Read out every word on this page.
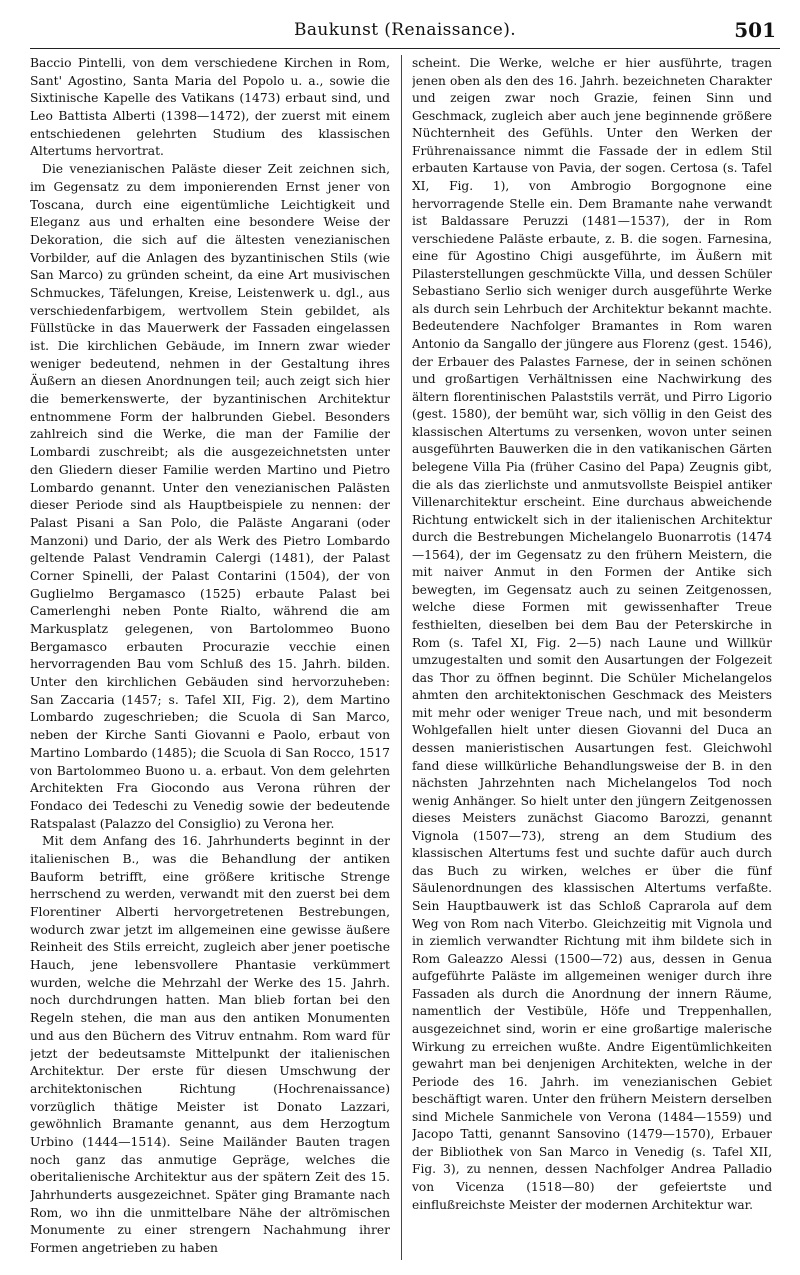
Baukunst (Renaissance).	501

Baccio Pintelli, von dem verschiedene Kirchen in Rom, Sant' Agostino, Santa Maria del Popolo u. a., sowie die Sixtinische Kapelle des Vatikans (1473) erbaut sind, und Leo Battista Alberti (1398—1472), der zuerst mit einem entschiedenen gelehrten Studium des klassischen Altertums hervortrat.

Die venezianischen Paläste dieser Zeit zeichnen sich, im Gegensatz zu dem imponierenden Ernst jener von Toscana, durch eine eigentümliche Leichtigkeit und Eleganz aus und erhalten eine besondere Weise der Dekoration, die sich auf die ältesten venezianischen Vorbilder, auf die Anlagen des byzantinischen Stils (wie San Marco) zu gründen scheint, da eine Art musivischen Schmuckes, Täfelungen, Kreise, Leistenwerk u. dgl., aus verschiedenfarbigem, wertvollem Stein gebildet, als Füllstücke in das Mauerwerk der Fassaden eingelassen ist. Die kirchlichen Gebäude, im Innern zwar wieder weniger bedeutend, nehmen in der Gestaltung ihres Äußern an diesen Anordnungen teil; auch zeigt sich hier die bemerkenswerte, der byzantinischen Architektur entnommene Form der halbrunden Giebel. Besonders zahlreich sind die Werke, die man der Familie der Lombardi zuschreibt; als die ausgezeichnetsten unter den Gliedern dieser Familie werden Martino und Pietro Lombardo genannt. Unter den venezianischen Palästen dieser Periode sind als Hauptbeispiele zu nennen: der Palast Pisani a San Polo, die Paläste Angarani (oder Manzoni) und Dario, der als Werk des Pietro Lombardo geltende Palast Vendramin Calergi (1481), der Palast Corner Spinelli, der Palast Contarini (1504), der von Guglielmo Bergamasco (1525) erbaute Palast bei Camerlenghi neben Ponte Rialto, während die am Markusplatz gelegenen, von Bartolommeo Buono Bergamasco erbauten Procurazie vecchie einen hervorragenden Bau vom Schluß des 15. Jahrh. bilden. Unter den kirchlichen Gebäuden sind hervorzuheben: San Zaccaria (1457; s. Tafel XII, Fig. 2), dem Martino Lombardo zugeschrieben; die Scuola di San Marco, neben der Kirche Santi Giovanni e Paolo, erbaut von Martino Lombardo (1485); die Scuola di San Rocco, 1517 von Bartolommeo Buono u. a. erbaut. Von dem gelehrten Architekten Fra Giocondo aus Verona rühren der Fondaco dei Tedeschi zu Venedig sowie der bedeutende Ratspalast (Palazzo del Consiglio) zu Verona her.

Mit dem Anfang des 16. Jahrhunderts beginnt in der italienischen B., was die Behandlung der antiken Bauform betrifft, eine größere kritische Strenge herrschend zu werden, verwandt mit den zuerst bei dem Florentiner Alberti hervorgetretenen Bestrebungen, wodurch zwar jetzt im allgemeinen eine gewisse äußere Reinheit des Stils erreicht, zugleich aber jener poetische Hauch, jene lebensvollere Phantasie verkümmert wurden, welche die Mehrzahl der Werke des 15. Jahrh. noch durchdrungen hatten. Man blieb fortan bei den Regeln stehen, die man aus den antiken Monumenten und aus den Büchern des Vitruv entnahm. Rom ward für jetzt der bedeutsamste Mittelpunkt der italienischen Architektur. Der erste für diesen Umschwung der architektonischen Richtung (Hochrenaissance) vorzüglich thätige Meister ist Donato Lazzari, gewöhnlich Bramante genannt, aus dem Herzogtum Urbino (1444—1514). Seine Mailänder Bauten tragen noch ganz das anmutige Gepräge, welches die oberitalienische Architektur aus der spätern Zeit des 15. Jahrhunderts ausgezeichnet. Später ging Bramante nach Rom, wo ihn die unmittelbare Nähe der altrömischen Monumente zu einer strengern Nachahmung ihrer Formen angetrieben zu haben

scheint. Die Werke, welche er hier ausführte, tragen jenen oben als den des 16. Jahrh. bezeichneten Charakter und zeigen zwar noch Grazie, feinen Sinn und Geschmack, zugleich aber auch jene beginnende größere Nüchternheit des Gefühls. Unter den Werken der Frührenaissance nimmt die Fassade der in edlem Stil erbauten Kartause von Pavia, der sogen. Certosa (s. Tafel XI, Fig. 1), von Ambrogio Borgognone eine hervorragende Stelle ein. Dem Bramante nahe verwandt ist Baldassare Peruzzi (1481—1537), der in Rom verschiedene Paläste erbaute, z. B. die sogen. Farnesina, eine für Agostino Chigi ausgeführte, im Äußern mit Pilasterstellungen geschmückte Villa, und dessen Schüler Sebastiano Serlio sich weniger durch ausgeführte Werke als durch sein Lehrbuch der Architektur bekannt machte. Bedeutendere Nachfolger Bramantes in Rom waren Antonio da Sangallo der jüngere aus Florenz (gest. 1546), der Erbauer des Palastes Farnese, der in seinen schönen und großartigen Verhältnissen eine Nachwirkung des ältern florentinischen Palaststils verrät, und Pirro Ligorio (gest. 1580), der bemüht war, sich völlig in den Geist des klassischen Altertums zu versenken, wovon unter seinen ausgeführten Bauwerken die in den vatikanischen Gärten belegene Villa Pia (früher Casino del Papa) Zeugnis gibt, die als das zierlichste und anmutsvollste Beispiel antiker Villenarchitektur erscheint. Eine durchaus abweichende Richtung entwickelt sich in der italienischen Architektur durch die Bestrebungen Michelangelo Buonarrotis (1474—1564), der im Gegensatz zu den frühern Meistern, die mit naiver Anmut in den Formen der Antike sich bewegten, im Gegensatz auch zu seinen Zeitgenossen, welche diese Formen mit gewissenhafter Treue festhielten, dieselben bei dem Bau der Peterskirche in Rom (s. Tafel XI, Fig. 2—5) nach Laune und Willkür umzugestalten und somit den Ausartungen der Folgezeit das Thor zu öffnen beginnt. Die Schüler Michelangelos ahmten den architektonischen Geschmack des Meisters mit mehr oder weniger Treue nach, und mit besonderm Wohlgefallen hielt unter diesen Giovanni del Duca an dessen manieristischen Ausartungen fest. Gleichwohl fand diese willkürliche Behandlungsweise der B. in den nächsten Jahrzehnten nach Michelangelos Tod noch wenig Anhänger. So hielt unter den jüngern Zeitgenossen dieses Meisters zunächst Giacomo Barozzi, genannt Vignola (1507—73), streng an dem Studium des klassischen Altertums fest und suchte dafür auch durch das Buch zu wirken, welches er über die fünf Säulenordnungen des klassischen Altertums verfaßte. Sein Hauptbauwerk ist das Schloß Caprarola auf dem Weg von Rom nach Viterbo. Gleichzeitig mit Vignola und in ziemlich verwandter Richtung mit ihm bildete sich in Rom Galeazzo Alessi (1500—72) aus, dessen in Genua aufgeführte Paläste im allgemeinen weniger durch ihre Fassaden als durch die Anordnung der innern Räume, namentlich der Vestibüle, Höfe und Treppenhallen, ausgezeichnet sind, worin er eine großartige malerische Wirkung zu erreichen wußte. Andre Eigentümlichkeiten gewahrt man bei denjenigen Architekten, welche in der Periode des 16. Jahrh. im venezianischen Gebiet beschäftigt waren. Unter den frühern Meistern derselben sind Michele Sanmichele von Verona (1484—1559) und Jacopo Tatti, genannt Sansovino (1479—1570), Erbauer der Bibliothek von San Marco in Venedig (s. Tafel XII, Fig. 3), zu nennen, dessen Nachfolger Andrea Palladio von Vicenza (1518—80) der gefeiertste und einflußreichste Meister der modernen Architektur war.
